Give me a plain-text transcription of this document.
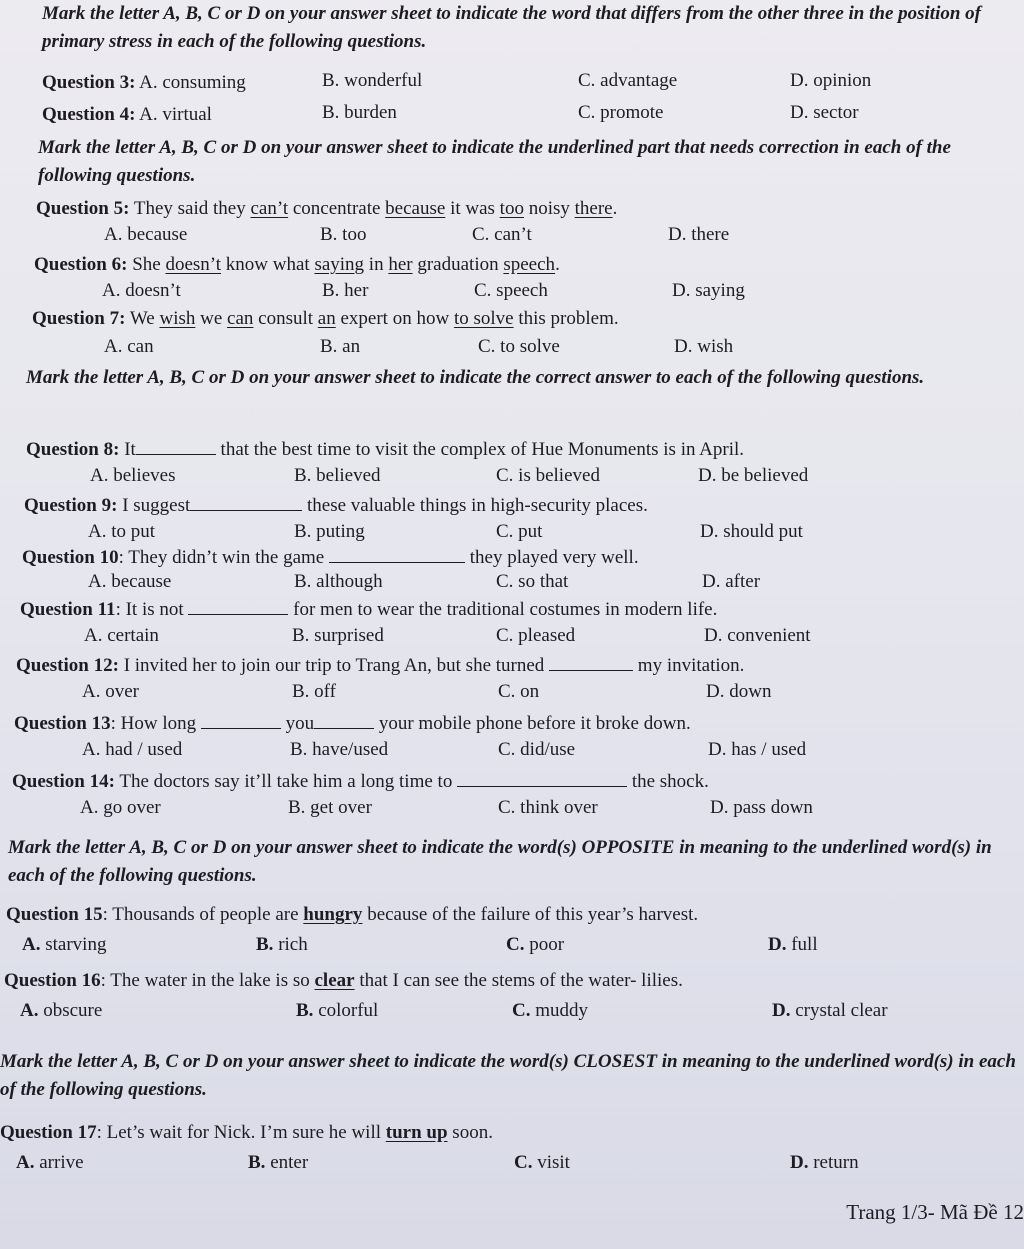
Mark the letter A, B, C or D on your answer sheet to indicate the word that differs from the other three in the position of primary stress in each of the following questions.

Question 3: A. consuming	B. wonderful	C. advantage	D. opinion
Question 4: A. virtual	B. burden	C. promote	D. sector

Mark the letter A, B, C or D on your answer sheet to indicate the underlined part that needs correction in each of the following questions.

Question 5: They said they can’t concentrate because it was too noisy there.
A. because	B. too	C. can’t	D. there
Question 6: She doesn’t know what saying in her graduation speech.
A. doesn’t	B. her	C. speech	D. saying
Question 7: We wish we can consult an expert on how to solve this problem.
A. can	B. an	C. to solve	D. wish

Mark the letter A, B, C or D on your answer sheet to indicate the correct answer to each of the following questions.

Question 8: It	that the best time to visit the complex of Hue Monuments is in April.
A. believes	B. believed	C. is believed	D. be believed
Question 9: I suggest	these valuable things in high-security places.
A. to put	B. puting	C. put	D. should put
Question 10: They didn’t win the game	they played very well.
A. because	B. although	C. so that	D. after
Question 11: It is not	for men to wear the traditional costumes in modern life.
A. certain	B. surprised	C. pleased	D. convenient
Question 12: I invited her to join our trip to Trang An, but she turned	my invitation.
A. over	B. off	C. on	D. down
Question 13: How long	you	your mobile phone before it broke down.
A. had / used	B. have/used	C. did/use	D. has / used
Question 14: The doctors say it’ll take him a long time to	the shock.
A. go over	B. get over	C. think over	D. pass down

Mark the letter A, B, C or D on your answer sheet to indicate the word(s) OPPOSITE in meaning to the underlined word(s) in each of the following questions.

Question 15: Thousands of people are hungry because of the failure of this year’s harvest.
A. starving	B. rich	C. poor	D. full
Question 16: The water in the lake is so clear that I can see the stems of the water- lilies.
A. obscure	B. colorful	C. muddy	D. crystal clear

Mark the letter A, B, C or D on your answer sheet to indicate the word(s) CLOSEST in meaning to the underlined word(s) in each of the following questions.

Question 17: Let’s wait for Nick. I’m sure he will turn up soon.
A. arrive	B. enter	C. visit	D. return
Trang 1/3- Mã Đề 12
